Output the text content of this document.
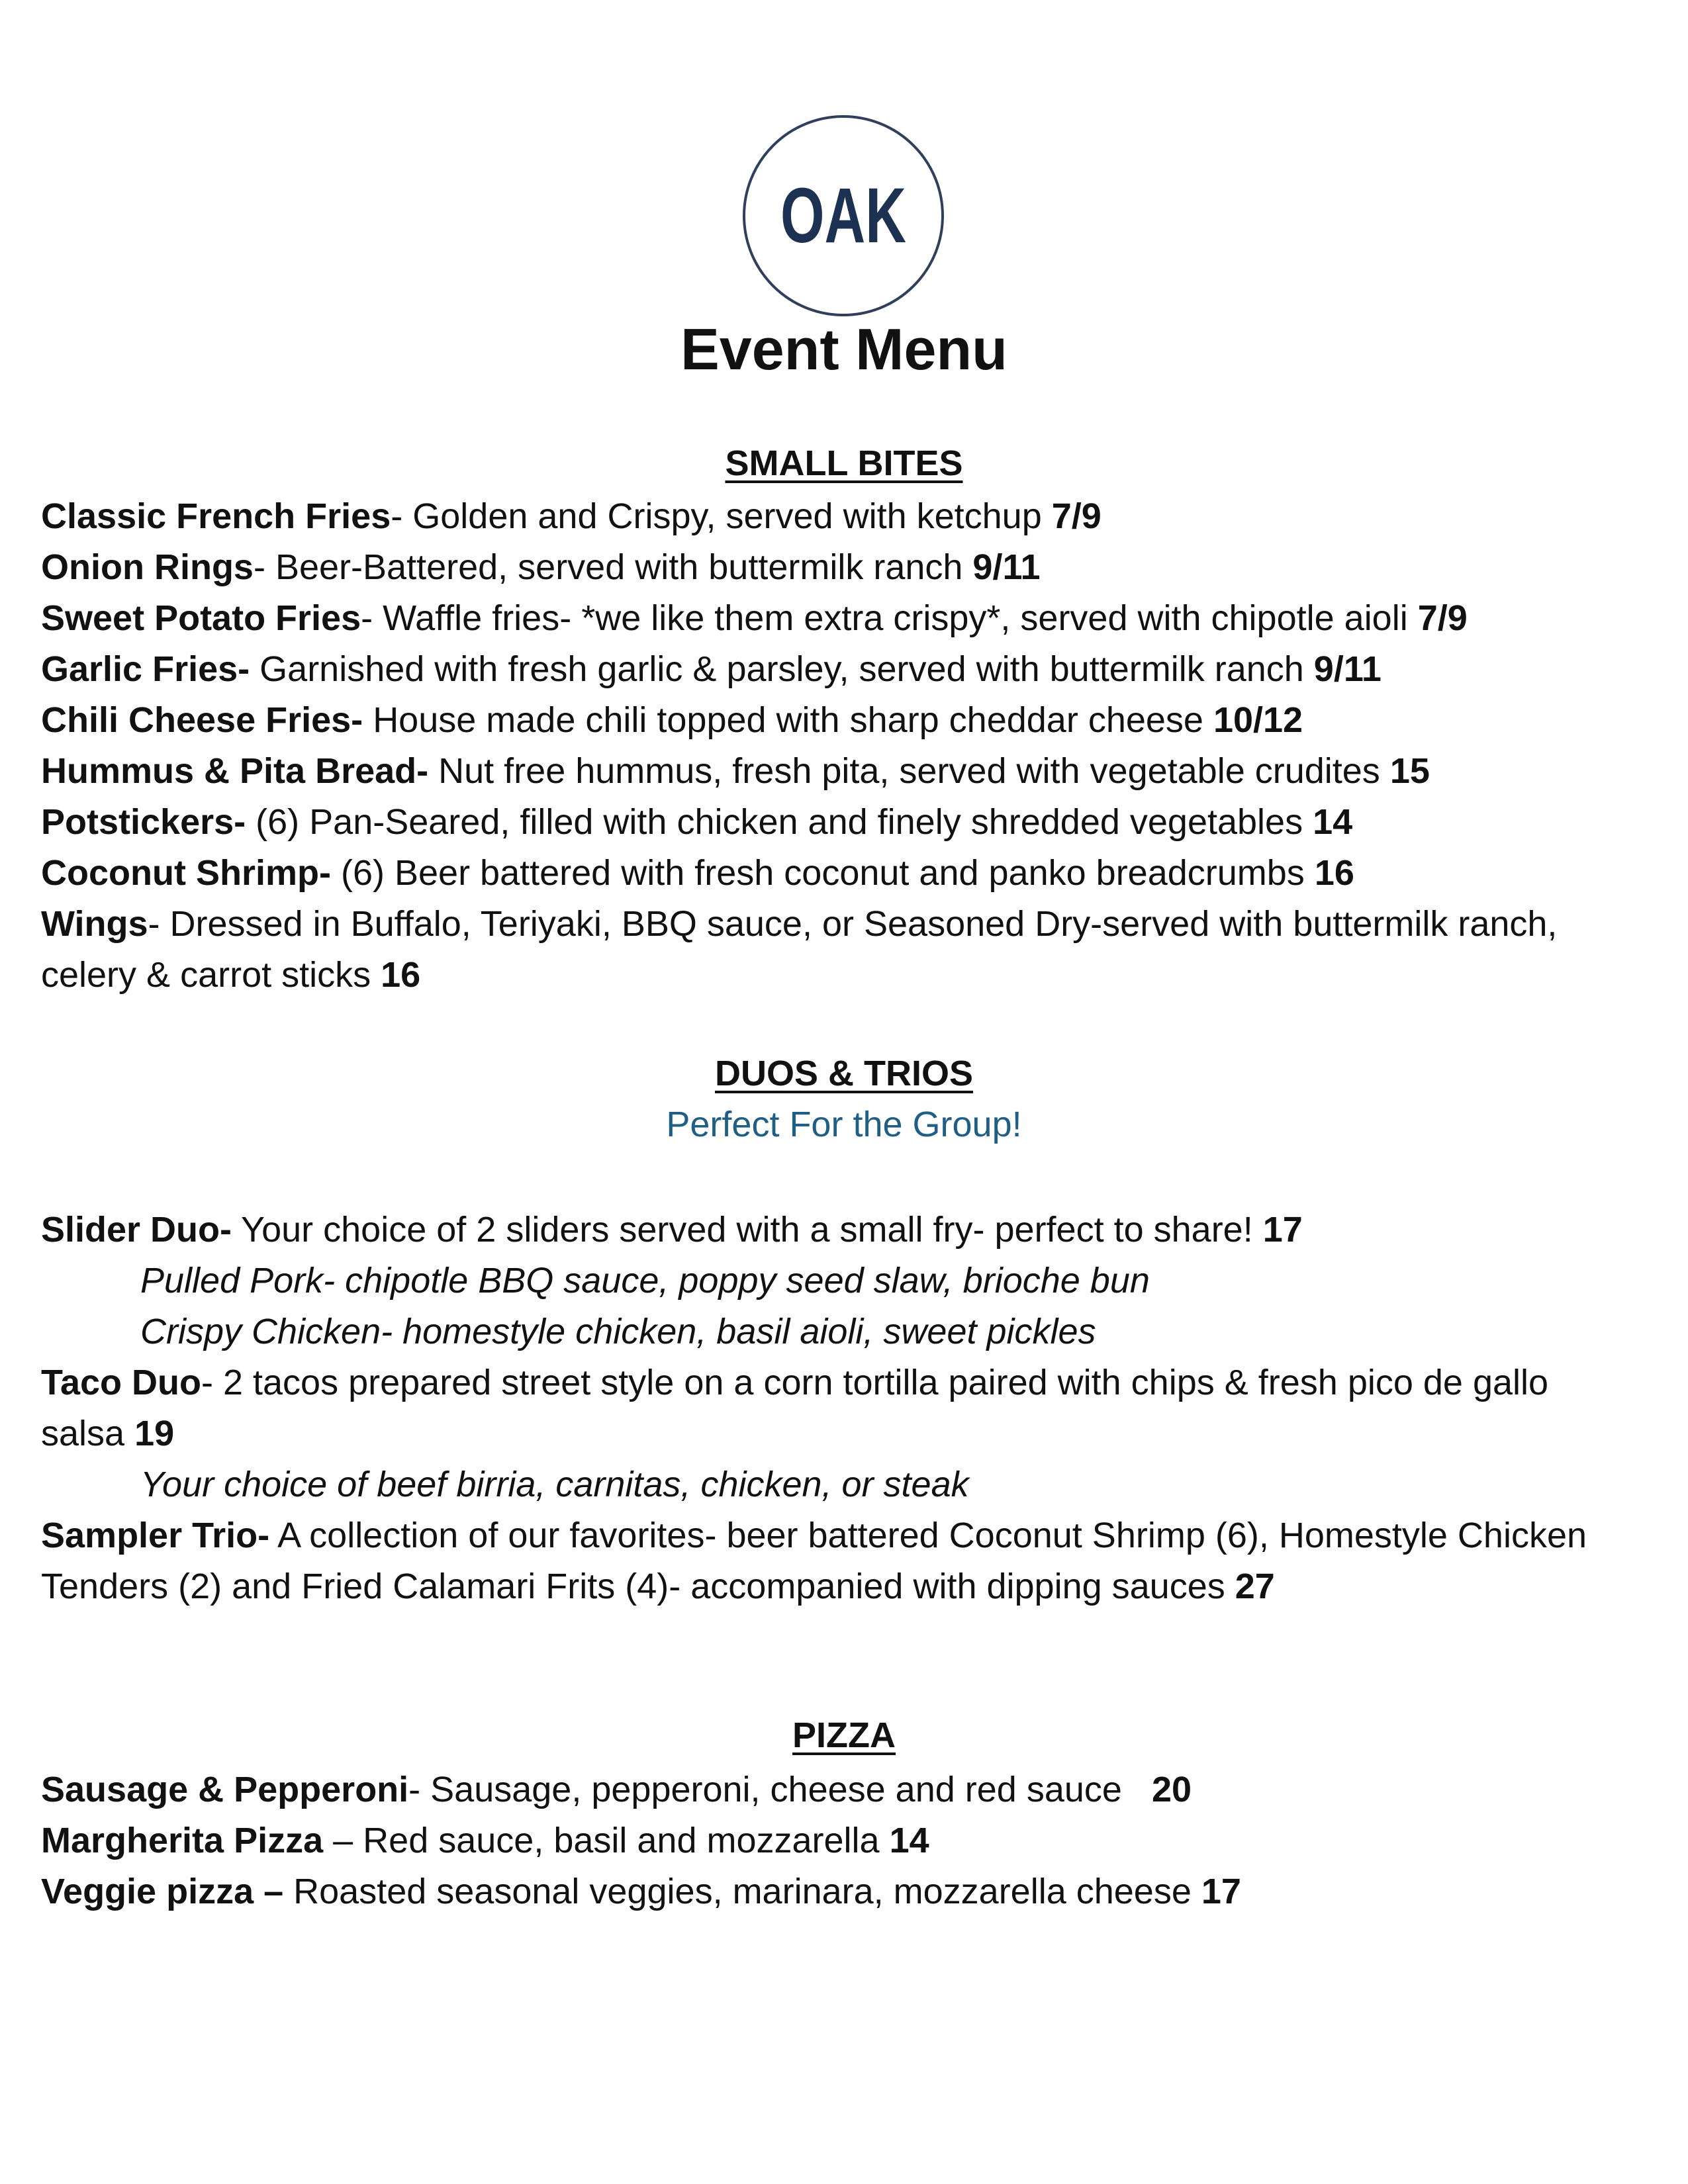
OAK
Event Menu
SMALL BITES
Classic French Fries- Golden and Crispy, served with ketchup 7/9
Onion Rings- Beer-Battered, served with buttermilk ranch 9/11
Sweet Potato Fries- Waffle fries- *we like them extra crispy*, served with chipotle aioli 7/9
Garlic Fries- Garnished with fresh garlic & parsley, served with buttermilk ranch 9/11
Chili Cheese Fries- House made chili topped with sharp cheddar cheese 10/12
Hummus & Pita Bread- Nut free hummus, fresh pita, served with vegetable crudites 15
Potstickers- (6) Pan-Seared, filled with chicken and finely shredded vegetables 14
Coconut Shrimp- (6) Beer battered with fresh coconut and panko breadcrumbs 16
Wings- Dressed in Buffalo, Teriyaki, BBQ sauce, or Seasoned Dry-served with buttermilk ranch, celery & carrot sticks 16
DUOS & TRIOS
Perfect For the Group!
Slider Duo- Your choice of 2 sliders served with a small fry- perfect to share! 17
Pulled Pork- chipotle BBQ sauce, poppy seed slaw, brioche bun
Crispy Chicken- homestyle chicken, basil aioli, sweet pickles
Taco Duo- 2 tacos prepared street style on a corn tortilla paired with chips & fresh pico de gallo salsa 19
Your choice of beef birria, carnitas, chicken, or steak
Sampler Trio- A collection of our favorites- beer battered Coconut Shrimp (6), Homestyle Chicken Tenders (2) and Fried Calamari Frits (4)- accompanied with dipping sauces 27
PIZZA
Sausage & Pepperoni- Sausage, pepperoni, cheese and red sauce   20
Margherita Pizza – Red sauce, basil and mozzarella 14
Veggie pizza – Roasted seasonal veggies, marinara, mozzarella cheese 17
